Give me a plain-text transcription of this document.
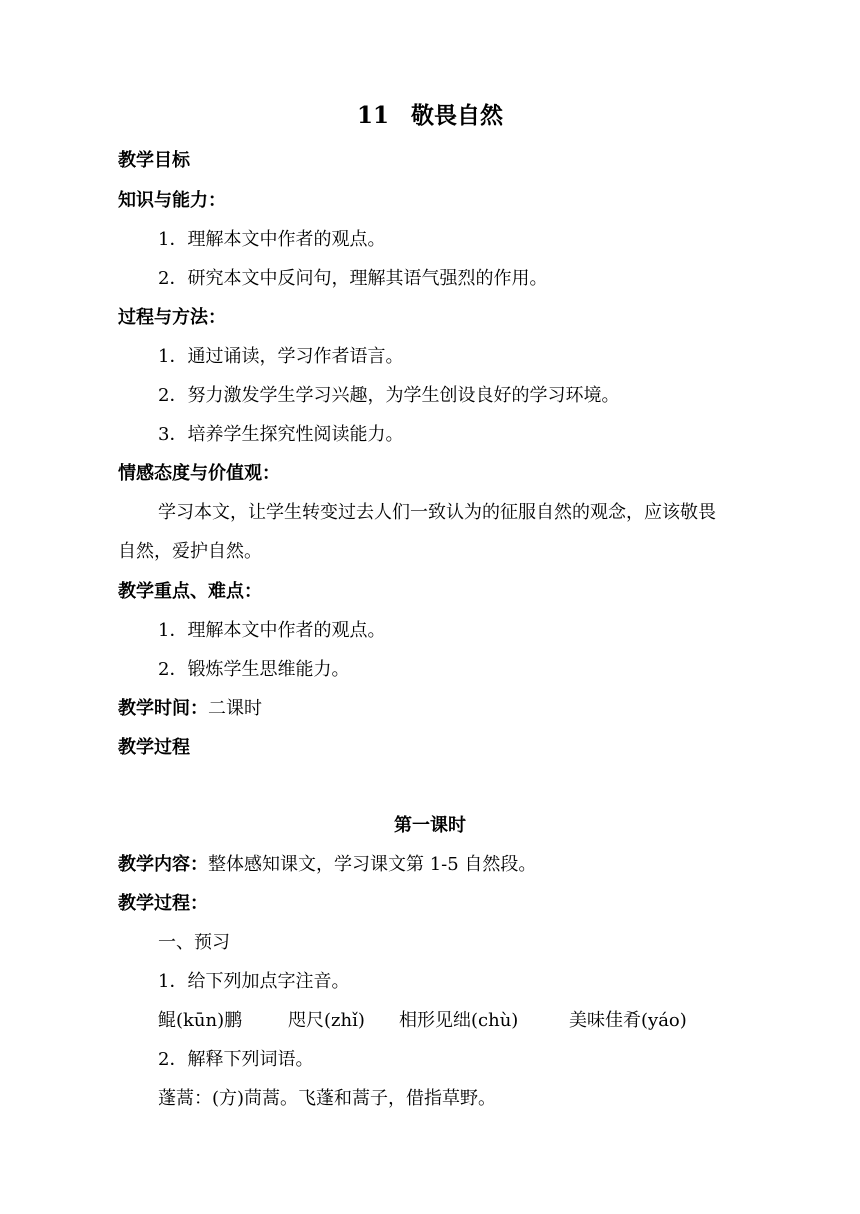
11 敬畏自然
教学目标
知识与能力：
1．理解本文中作者的观点。
2．研究本文中反问句，理解其语气强烈的作用。
过程与方法：
1．通过诵读，学习作者语言。
2．努力激发学生学习兴趣，为学生创设良好的学习环境。
3．培养学生探究性阅读能力。
情感态度与价值观：
学习本文，让学生转变过去人们一致认为的征服自然的观念，应该敬畏
自然，爱护自然。
教学重点、难点：
1．理解本文中作者的观点。
2．锻炼学生思维能力。
教学时间：二课时
教学过程
第一课时
教学内容：整体感知课文，学习课文第 1-5 自然段。
教学过程：
一、预习
1．给下列加点字注音。
鲲(kūn)鹏	咫尺(zhǐ) 相形见绌(chù)	美味佳肴(yáo)
2．解释下列词语。
蓬蒿：(方)茼蒿。飞蓬和蒿子，借指草野。
